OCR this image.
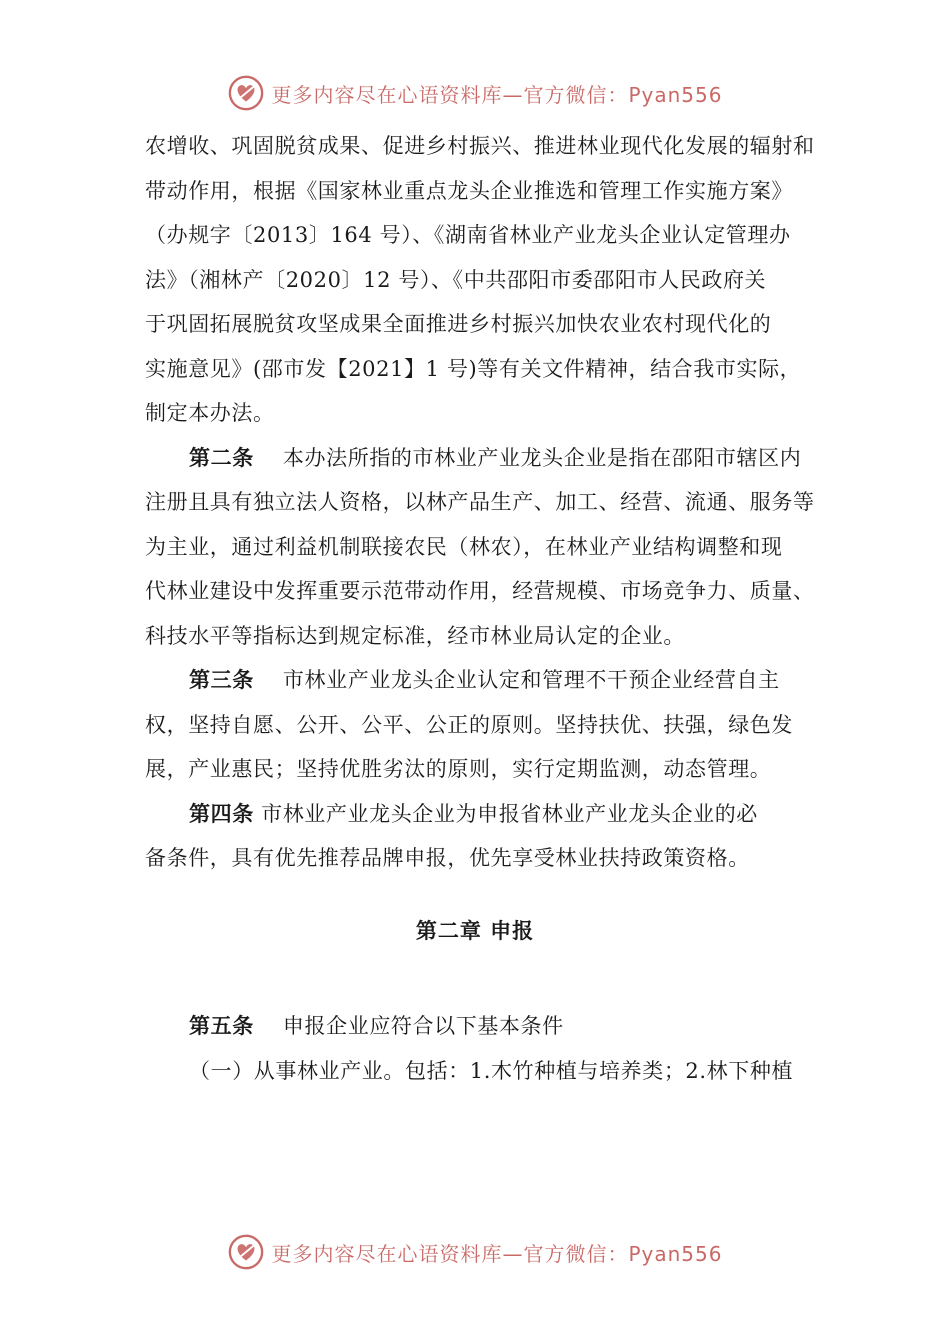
更多内容尽在心语资料库—官方微信：Pyan556
农增收、巩固脱贫成果、促进乡村振兴、推进林业现代化发展的辐射和
带动作用，根据《国家林业重点龙头企业推选和管理工作实施方案》
（办规字〔2013〕164 号）、《湖南省林业产业龙头企业认定管理办
法》（湘林产〔2020〕12 号）、《中共邵阳市委邵阳市人民政府关
于巩固拓展脱贫攻坚成果全面推进乡村振兴加快农业农村现代化的
实施意见》(邵市发【2021】1 号)等有关文件精神，结合我市实际，
制定本办法。
第二条 本办法所指的市林业产业龙头企业是指在邵阳市辖区内
注册且具有独立法人资格，以林产品生产、加工、经营、流通、服务等
为主业，通过利益机制联接农民（林农），在林业产业结构调整和现
代林业建设中发挥重要示范带动作用，经营规模、市场竞争力、质量、
科技水平等指标达到规定标准，经市林业局认定的企业。
第三条 市林业产业龙头企业认定和管理不干预企业经营自主
权，坚持自愿、公开、公平、公正的原则。坚持扶优、扶强，绿色发
展，产业惠民；坚持优胜劣汰的原则，实行定期监测，动态管理。
第四条 市林业产业龙头企业为申报省林业产业龙头企业的必
备条件，具有优先推荐品牌申报，优先享受林业扶持政策资格。
第二章 申报
第五条 申报企业应符合以下基本条件
（一）从事林业产业。包括：1.木竹种植与培养类；2.林下种植
更多内容尽在心语资料库—官方微信：Pyan556
